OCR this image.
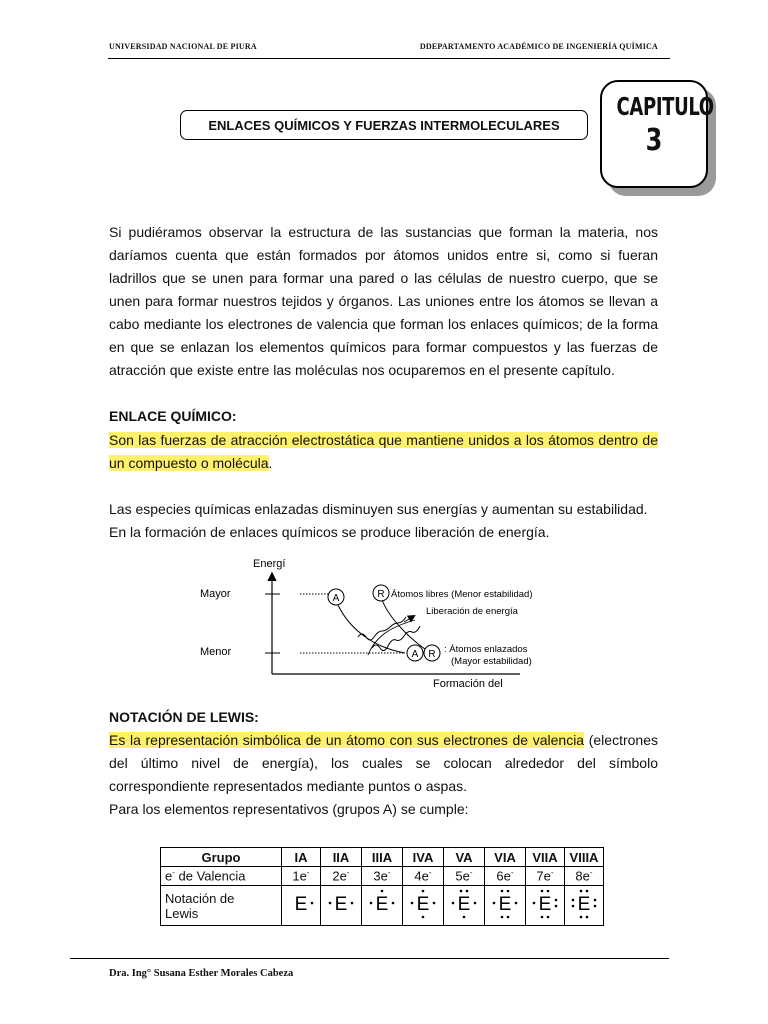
UNIVERSIDAD NACIONAL DE PIURA	DDEPARTAMENTO ACADÉMICO DE INGENIERÍA QUÍMICA
ENLACES QUÍMICOS Y FUERZAS INTERMOLECULARES
CAPITULO
3

Si pudiéramos observar la estructura de las sustancias que forman la materia, nos daríamos cuenta que están formados por átomos unidos entre si, como si fueran ladrillos que se unen para formar una pared o las células de nuestro cuerpo, que se unen para formar nuestros tejidos y órganos. Las uniones entre los átomos se llevan a cabo mediante los electrones de valencia que forman los enlaces químicos; de la forma en que se enlazan los elementos químicos para formar compuestos y las fuerzas de atracción que existe entre las moléculas nos ocuparemos en el presente capítulo.

ENLACE QUÍMICO:

Son las fuerzas de atracción electrostática que mantiene unidos a los átomos dentro de un compuesto o molécula.

Las especies químicas enlazadas disminuyen sus energías y aumentan su estabilidad.

En la formación de enlaces químicos se produce liberación de energía.

Energí
Formación del
Mayor
Menor
A	R
A R
Átomos libres (Menor estabilidad)
Liberación de energía
: Átomos enlazados
(Mayor estabilidad)

NOTACIÓN DE LEWIS:

Es la representación simbólica de un átomo con sus electrones de valencia (electrones del último nivel de energía), los cuales se colocan alrededor del símbolo correspondiente representados mediante puntos o aspas.

Para los elementos representativos (grupos A) se cumple:

Grupo	IA	IIA	IIIA	IVA	VA	VIA	VIIA	VIIIA
e- de Valencia	1e-	2e-	3e-	4e-	5e-	6e-	7e-	8e-
Notación de
Lewis	E	E	E	E	E	E	E	E
Dra. Ing° Susana Esther Morales Cabeza
